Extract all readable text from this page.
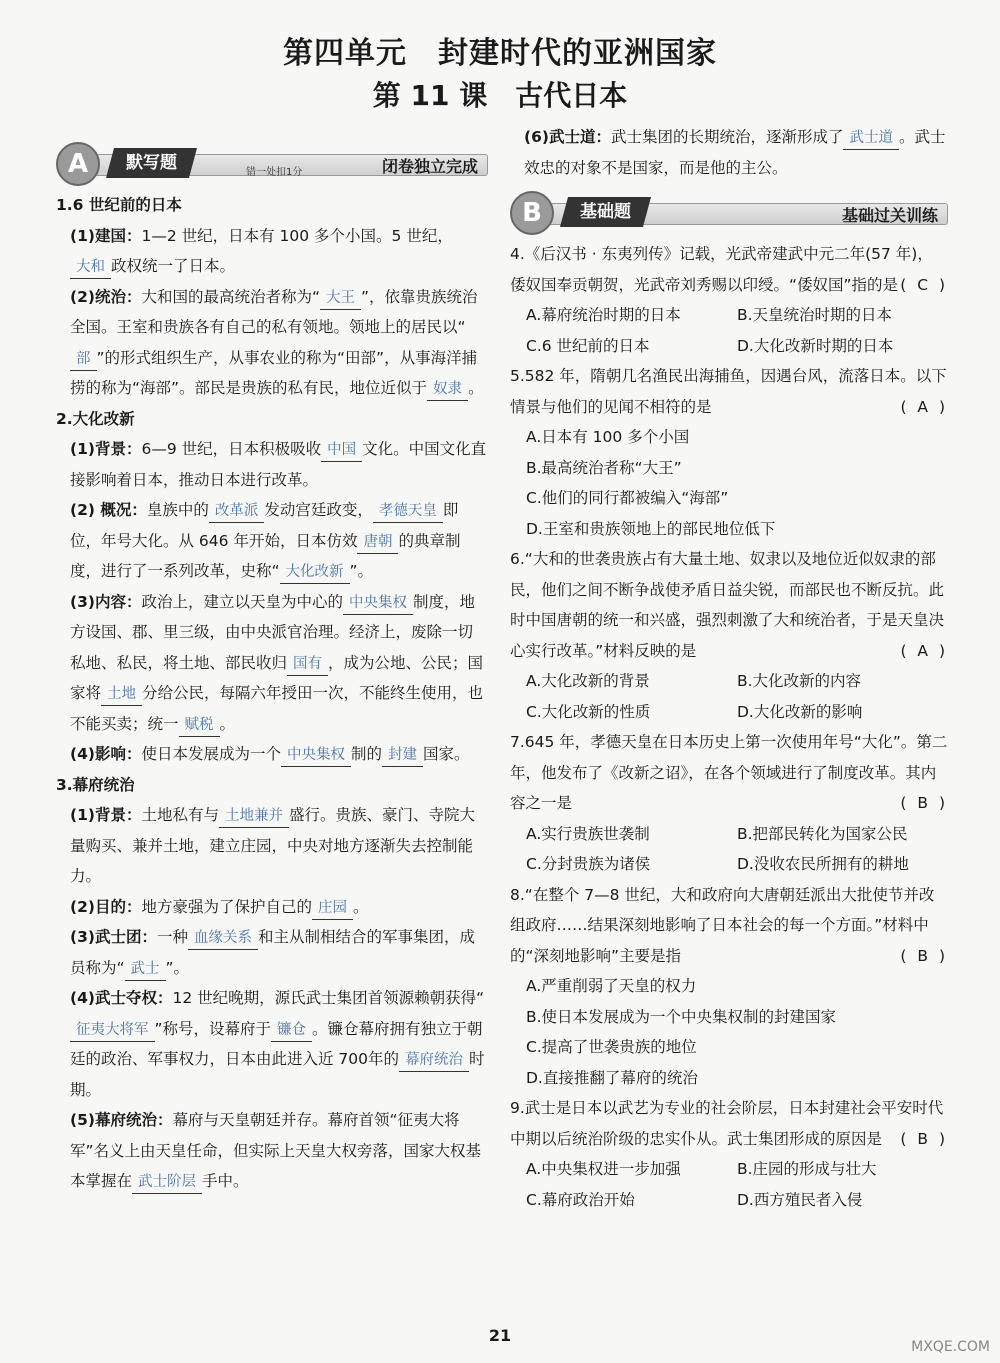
第四单元　封建时代的亚洲国家
第 11 课　古代日本
A	默写题	错一处扣1分	闭卷独立完成

1.6 世纪前的日本

(1)建国：1—2 世纪，日本有 100 多个小国。5 世纪，大和 政权统一了日本。

(2)统治：大和国的最高统治者称为“ 大王 ”，依靠贵族统治全国。王室和贵族各有自己的私有领地。领地上的居民以“部 ”的形式组织生产，从事农业的称为“田部”，从事海洋捕捞的称为“海部”。部民是贵族的私有民，地位近似于 奴隶 。

2.大化改新

(1)背景：6—9 世纪，日本积极吸收 中国 文化。中国文化直接影响着日本，推动日本进行改革。

(2) 概况：皇族中的 改革派 发动宫廷政变， 孝德天皇 即位，年号大化。从 646 年开始，日本仿效 唐朝 的典章制度，进行了一系列改革，史称“ 大化改新 ”。

(3)内容：政治上，建立以天皇为中心的 中央集权 制度，地方设国、郡、里三级，由中央派官治理。经济上，废除一切私地、私民，将土地、部民收归 国有 ，成为公地、公民；国家将 土地 分给公民，每隔六年授田一次，不能终生使用，也不能买卖；统一 赋税 。

(4)影响：使日本发展成为一个 中央集权 制的 封建 国家。

3.幕府统治

(1)背景：土地私有与 土地兼并 盛行。贵族、豪门、寺院大量购买、兼并土地，建立庄园，中央对地方逐渐失去控制能力。

(2)目的：地方豪强为了保护自己的 庄园 。

(3)武士团：一种 血缘关系 和主从制相结合的军事集团，成员称为“ 武士 ”。

(4)武士夺权：12 世纪晚期，源氏武士集团首领源赖朝获得“征夷大将军 ”称号，设幕府于 镰仓 。镰仓幕府拥有独立于朝廷的政治、军事权力，日本由此进入近 700年的 幕府统治 时期。

(5)幕府统治：幕府与天皇朝廷并存。幕府首领“征夷大将军”名义上由天皇任命，但实际上天皇大权旁落，国家大权基本掌握在 武士阶层 手中。

(6)武士道：武士集团的长期统治，逐渐形成了 武士道 。武士效忠的对象不是国家，而是他的主公。

B	基础题	基础过关训练

4.《后汉书 · 东夷列传》记载，光武帝建武中元二年(57 年)，倭奴国奉贡朝贺，光武帝刘秀赐以印绶。“倭奴国”指的是 ( C )

A.幕府统治时期的日本	B.天皇统治时期的日本
C.6 世纪前的日本	D.大化改新时期的日本

5.582 年，隋朝几名渔民出海捕鱼，因遇台风，流落日本。以下情景与他们的见闻不相符的是	( A )

A.日本有 100 多个小国
B.最高统治者称“大王”
C.他们的同行都被编入“海部”
D.王室和贵族领地上的部民地位低下

6.“大和的世袭贵族占有大量土地、奴隶以及地位近似奴隶的部民，他们之间不断争战使矛盾日益尖锐，而部民也不断反抗。此时中国唐朝的统一和兴盛，强烈刺激了大和统治者，于是天皇决心实行改革。”材料反映的是	( A )

A.大化改新的背景	B.大化改新的内容
C.大化改新的性质	D.大化改新的影响

7.645 年，孝德天皇在日本历史上第一次使用年号“大化”。第二年，他发布了《改新之诏》，在各个领域进行了制度改革。其内容之一是	( B )

A.实行贵族世袭制	B.把部民转化为国家公民
C.分封贵族为诸侯	D.没收农民所拥有的耕地

8.“在整个 7—8 世纪，大和政府向大唐朝廷派出大批使节并改组政府……结果深刻地影响了日本社会的每一个方面。”材料中的“深刻地影响”主要是指	( B )

A.严重削弱了天皇的权力
B.使日本发展成为一个中央集权制的封建国家
C.提高了世袭贵族的地位
D.直接推翻了幕府的统治

9.武士是日本以武艺为专业的社会阶层，日本封建社会平安时代中期以后统治阶级的忠实仆从。武士集团形成的原因是 ( B )

A.中央集权进一步加强	B.庄园的形成与壮大
C.幕府政治开始	D.西方殖民者入侵
21
MXQE.COM
